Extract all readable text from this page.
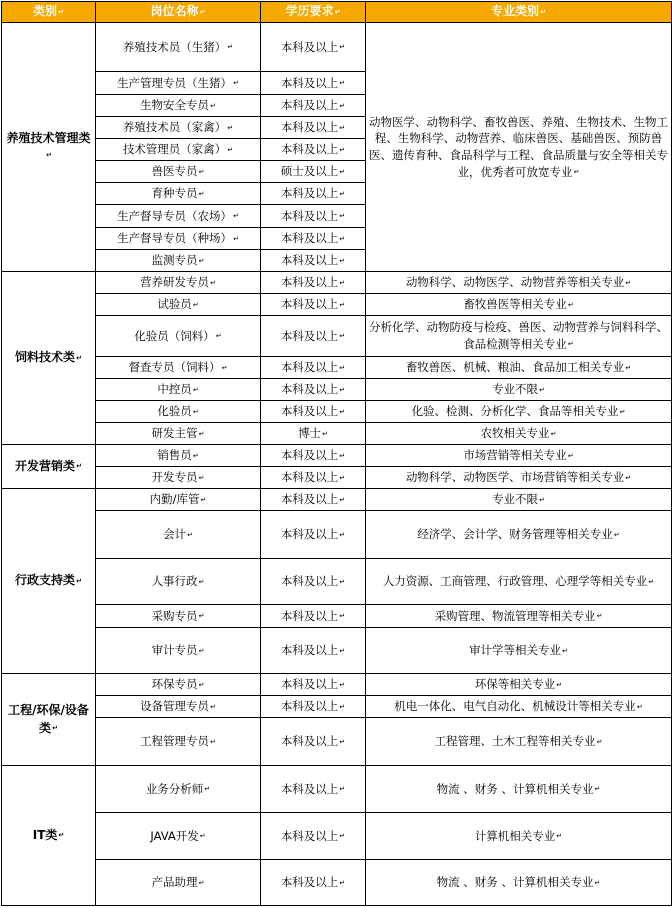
类别↵	岗位名称↵	学历要求↵	专业类别↵
养殖技术管理类↵	养殖技术员（生猪）↵	本科及以上↵	动物医学、动物科学、畜牧兽医、养殖、生物技术、生物工程、生物科学、动物营养、临床兽医、基础兽医、预防兽医、遗传育种、食品科学与工程、食品质量与安全等相关专业，优秀者可放宽专业↵
	生产管理专员（生猪）↵	本科及以上↵	
	生物安全专员↵	本科及以上↵	
	养殖技术员（家禽）↵	本科及以上↵	
	技术管理员（家禽）↵	本科及以上↵	
	兽医专员↵	硕士及以上↵	
	育种专员↵	本科及以上↵	
	生产督导专员（农场）↵	本科及以上↵	
	生产督导专员（种场）↵	本科及以上↵	
	监测专员↵	本科及以上↵	
饲料技术类↵	营养研发专员↵	本科及以上↵	动物科学、动物医学、动物营养等相关专业↵
	试验员↵	本科及以上↵	畜牧兽医等相关专业↵
	化验员（饲料）↵	本科及以上↵	分析化学、动物防疫与检疫、兽医、动物营养与饲料科学、食品检测等相关专业↵
	督查专员（饲料）↵	本科及以上↵	畜牧兽医、机械、粮油、食品加工相关专业↵
	中控员↵	本科及以上↵	专业不限↵
	化验员↵	本科及以上↵	化验、检测、分析化学、食品等相关专业↵
	研发主管↵	博士↵	农牧相关专业↵
开发营销类↵	销售员↵	本科及以上↵	市场营销等相关专业↵
	开发专员↵	本科及以上↵	动物科学、动物医学、市场营销等相关专业↵
行政支持类↵	内勤/库管↵	本科及以上↵	专业不限↵
	会计↵	本科及以上↵	经济学、会计学、财务管理等相关专业↵
	人事行政↵	本科及以上↵	人力资源、工商管理、行政管理、心理学等相关专业↵
	采购专员↵	本科及以上↵	采购管理、物流管理等相关专业↵
	审计专员↵	本科及以上↵	审计学等相关专业↵
工程/环保/设备类↵	环保专员↵	本科及以上↵	环保等相关专业↵
	设备管理专员↵	本科及以上↵	机电一体化、电气自动化、机械设计等相关专业↵
	工程管理专员↵	本科及以上↵	工程管理、土木工程等相关专业↵
IT类↵	业务分析师↵	本科及以上↵	物流 、财务 、计算机相关专业↵
	JAVA开发↵	本科及以上↵	计算机相关专业↵
	产品助理↵	本科及以上↵	物流 、财务 、计算机相关专业↵
